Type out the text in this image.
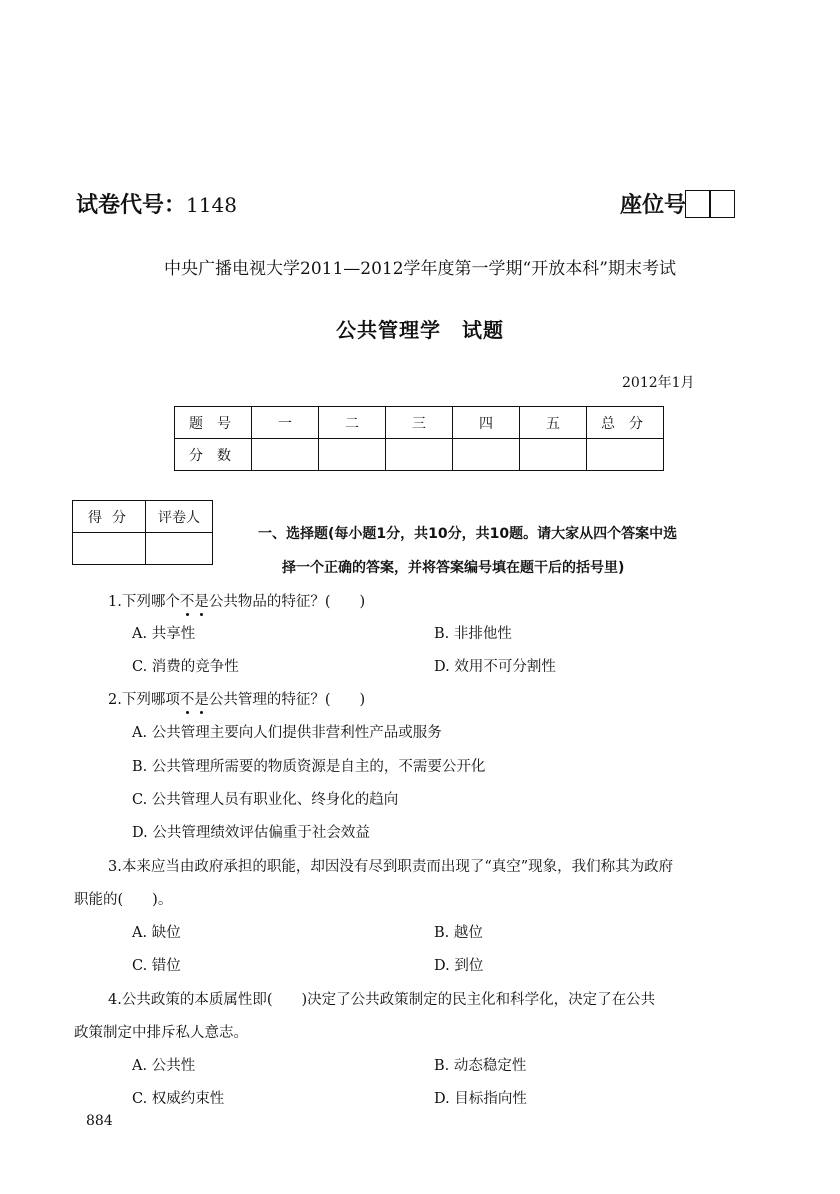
试卷代号：1148	座位号
中央广播电视大学2011—2012学年度第一学期“开放本科”期末考试
公共管理学　试题
2012年1月
题号	一	二	三	四	五	总分
分数						
得分	评卷人

一、选择题(每小题1分，共10分，共10题。请大家从四个答案中选
择一个正确的答案，并将答案编号填在题干后的括号里)
1.下列哪个不是公共物品的特征？(　　)
A. 共享性	B. 非排他性
C. 消费的竞争性	D. 效用不可分割性
2.下列哪项不是公共管理的特征？(　　)
A. 公共管理主要向人们提供非营利性产品或服务
B. 公共管理所需要的物质资源是自主的，不需要公开化
C. 公共管理人员有职业化、终身化的趋向
D. 公共管理绩效评估偏重于社会效益
3.本来应当由政府承担的职能，却因没有尽到职责而出现了“真空”现象，我们称其为政府
职能的(　　)。
A. 缺位	B. 越位
C. 错位	D. 到位
4.公共政策的本质属性即(　　)决定了公共政策制定的民主化和科学化，决定了在公共
政策制定中排斥私人意志。
A. 公共性	B. 动态稳定性
C. 权威约束性	D. 目标指向性
884
